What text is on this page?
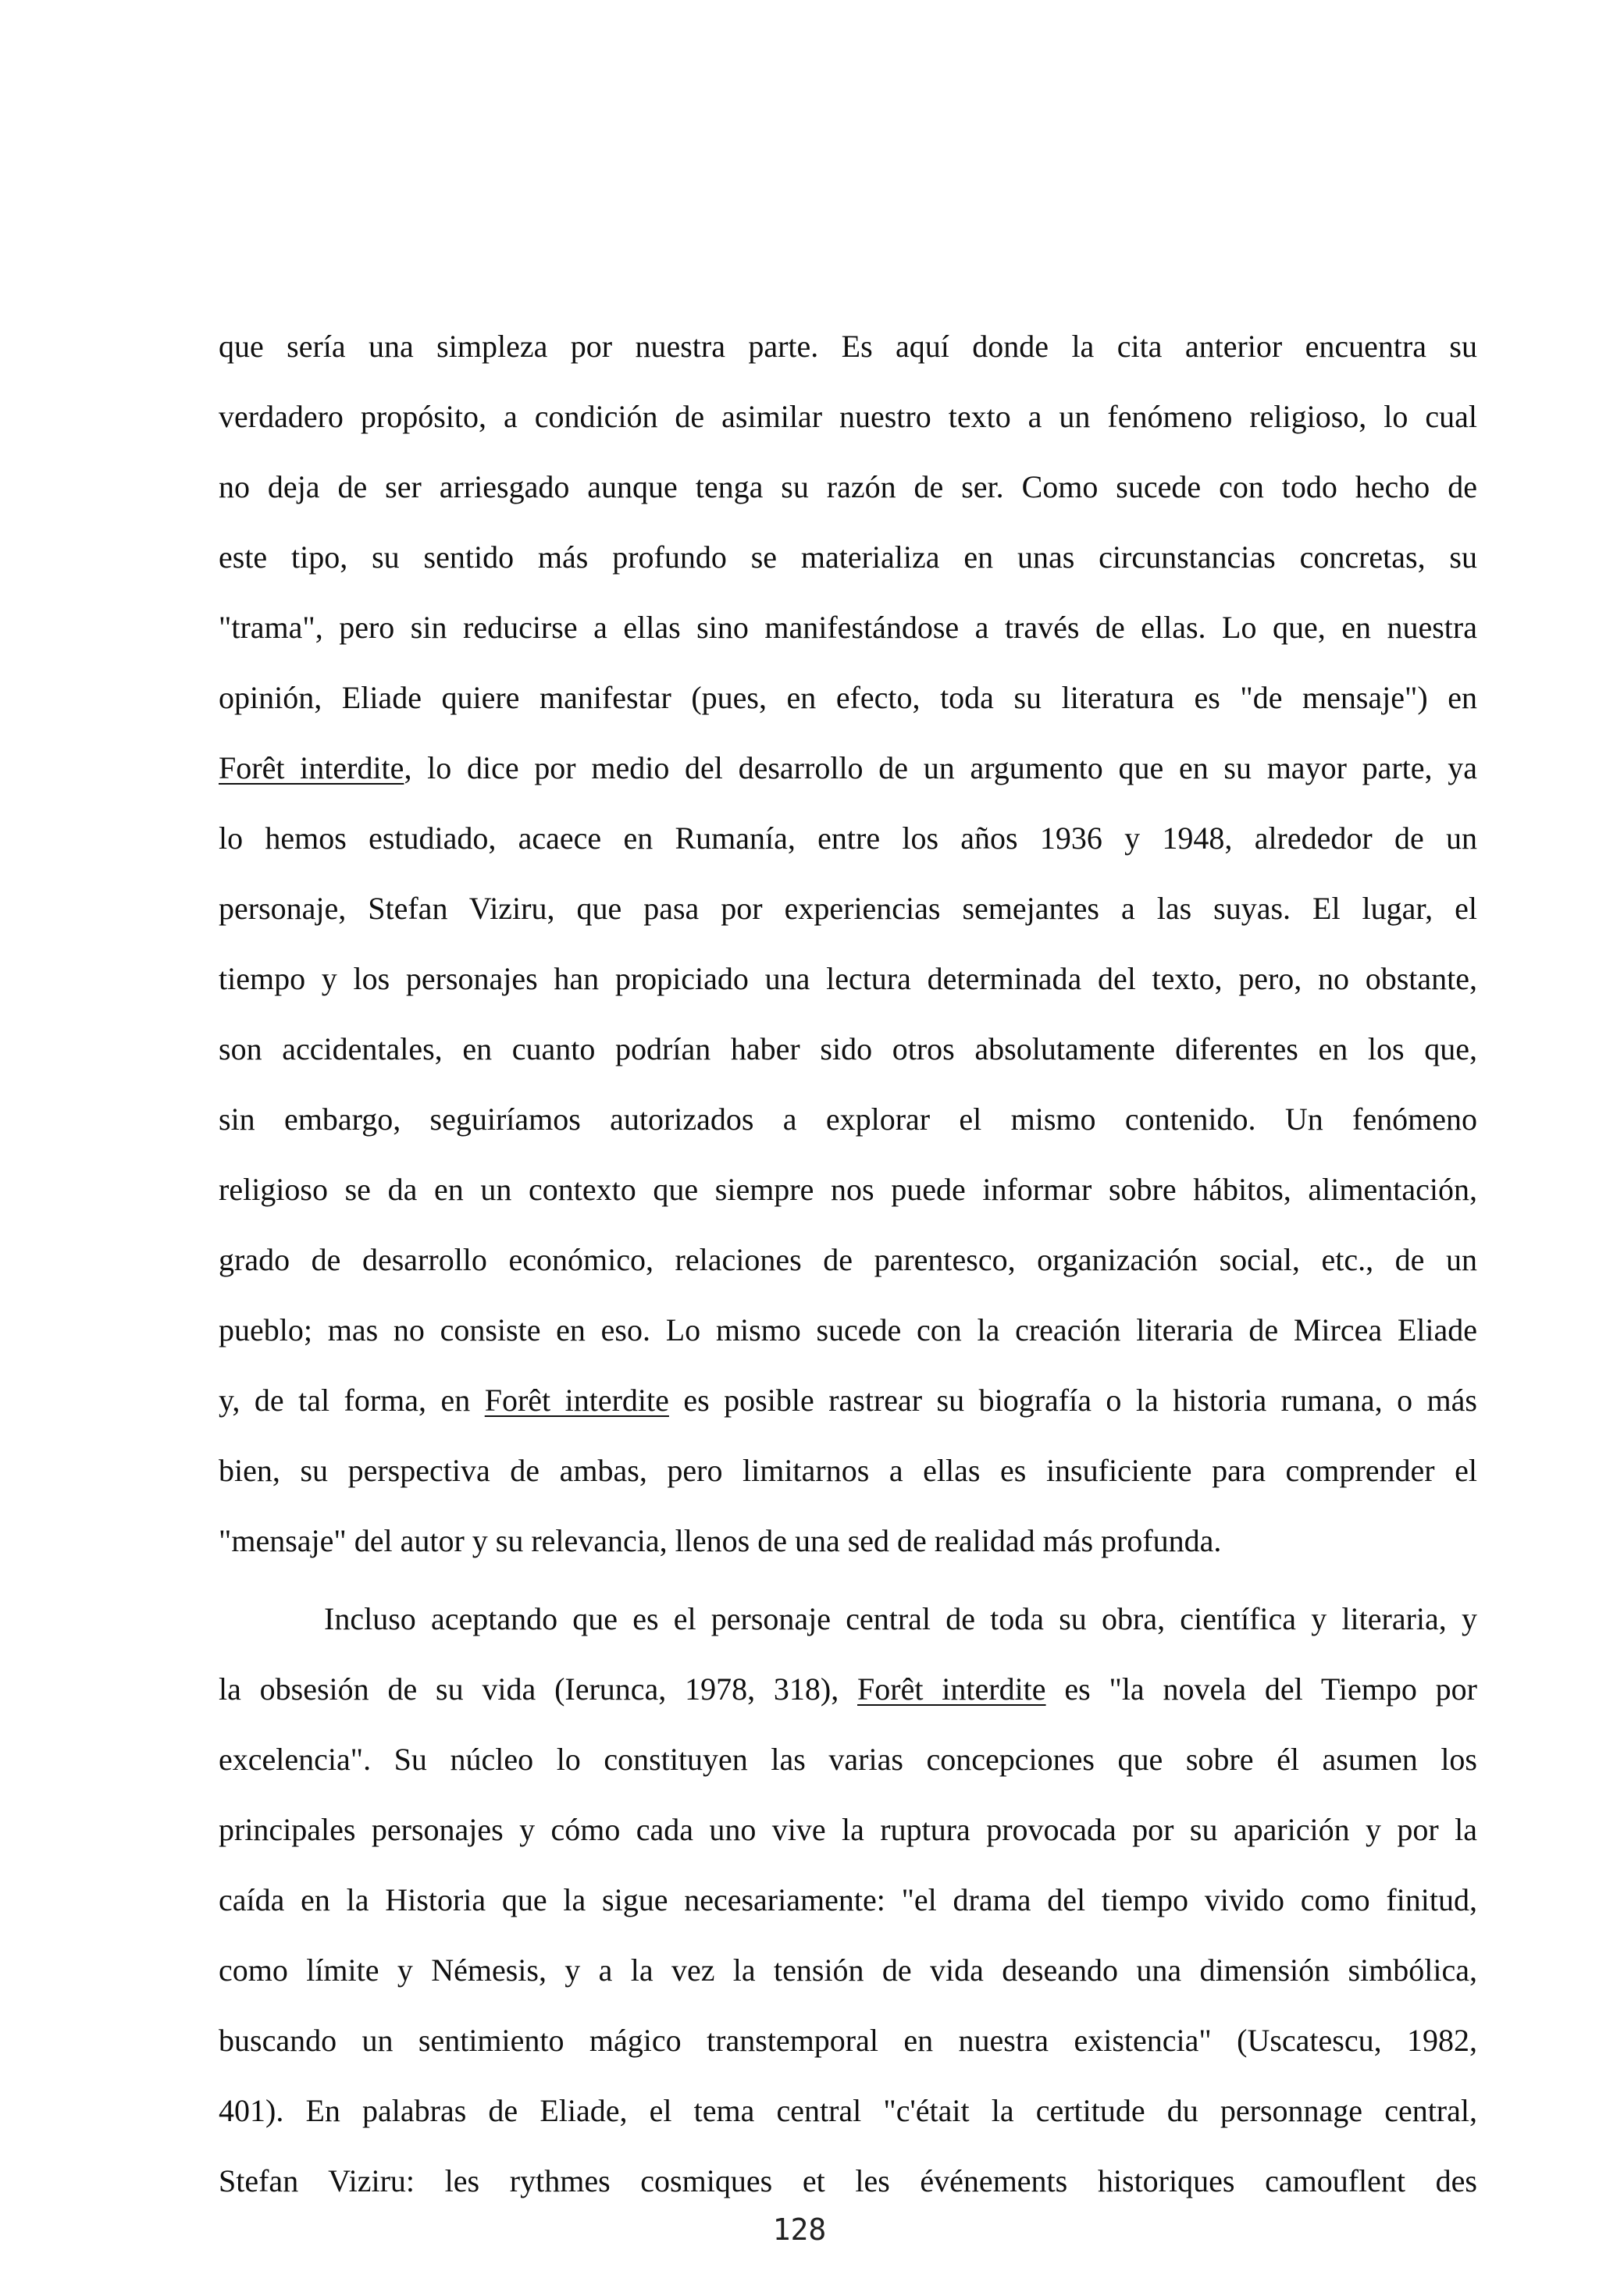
que sería una simpleza por nuestra parte. Es aquí donde la cita anterior encuentra su
verdadero propósito, a condición de asimilar nuestro texto a un fenómeno religioso, lo cual
no deja de ser arriesgado aunque tenga su razón de ser. Como sucede con todo hecho de
este tipo, su sentido más profundo se materializa en unas circunstancias concretas, su
"trama", pero sin reducirse a ellas sino manifestándose a través de ellas. Lo que, en nuestra
opinión, Eliade quiere manifestar (pues, en efecto, toda su literatura es "de mensaje") en
Forêt interdite, lo dice por medio del desarrollo de un argumento que en su mayor parte, ya
lo hemos estudiado, acaece en Rumanía, entre los años 1936 y 1948, alrededor de un
personaje, Stefan Viziru, que pasa por experiencias semejantes a las suyas. El lugar, el
tiempo y los personajes han propiciado una lectura determinada del texto, pero, no obstante,
son accidentales, en cuanto podrían haber sido otros absolutamente diferentes en los que,
sin embargo, seguiríamos autorizados a explorar el mismo contenido. Un fenómeno
religioso se da en un contexto que siempre nos puede informar sobre hábitos, alimentación,
grado de desarrollo económico, relaciones de parentesco, organización social, etc., de un
pueblo; mas no consiste en eso. Lo mismo sucede con la creación literaria de Mircea Eliade
y, de tal forma, en Forêt interdite es posible rastrear su biografía o la historia rumana, o más
bien, su perspectiva de ambas, pero limitarnos a ellas es insuficiente para comprender el
"mensaje" del autor y su relevancia, llenos de una sed de realidad más profunda.
Incluso aceptando que es el personaje central de toda su obra, científica y literaria, y
la obsesión de su vida (Ierunca, 1978, 318), Forêt interdite es "la novela del Tiempo por
excelencia". Su núcleo lo constituyen las varias concepciones que sobre él asumen los
principales personajes y cómo cada uno vive la ruptura provocada por su aparición y por la
caída en la Historia que la sigue necesariamente: "el drama del tiempo vivido como finitud,
como límite y Némesis, y a la vez la tensión de vida deseando una dimensión simbólica,
buscando un sentimiento mágico transtemporal en nuestra existencia" (Uscatescu, 1982,
401). En palabras de Eliade, el tema central "c'était la certitude du personnage central,
Stefan Viziru: les rythmes cosmiques et les événements historiques camouflent des
128
